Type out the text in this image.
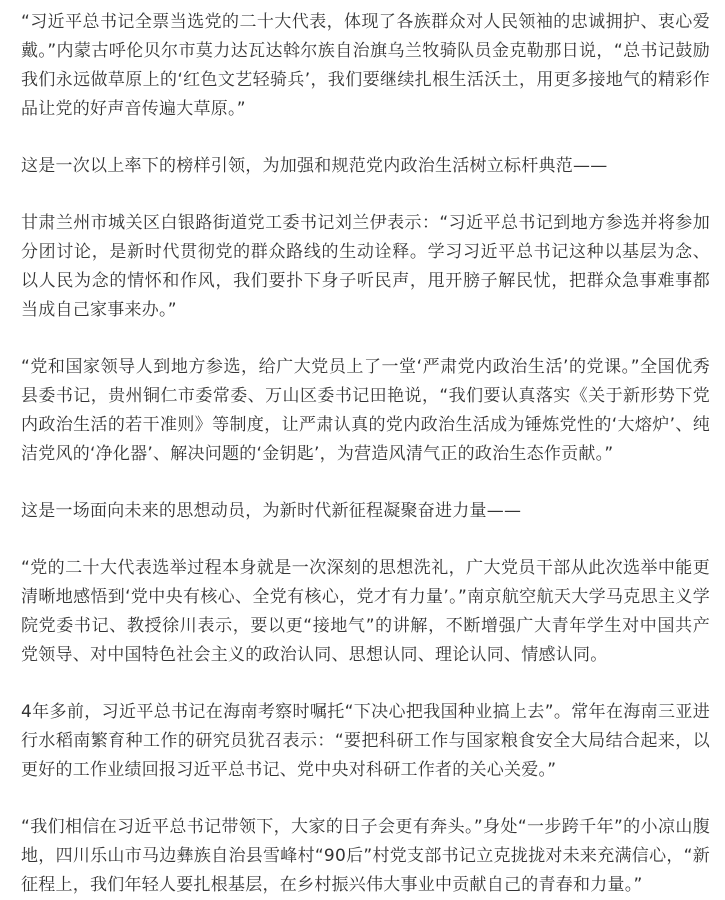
“习近平总书记全票当选党的二十大代表，体现了各族群众对人民领袖的忠诚拥护、衷心爱戴。”内蒙古呼伦贝尔市莫力达瓦达斡尔族自治旗乌兰牧骑队员金克勒那日说，“总书记鼓励我们永远做草原上的‘红色文艺轻骑兵’，我们要继续扎根生活沃土，用更多接地气的精彩作品让党的好声音传遍大草原。”

这是一次以上率下的榜样引领，为加强和规范党内政治生活树立标杆典范——

甘肃兰州市城关区白银路街道党工委书记刘兰伊表示：“习近平总书记到地方参选并将参加分团讨论，是新时代贯彻党的群众路线的生动诠释。学习习近平总书记这种以基层为念、以人民为念的情怀和作风，我们要扑下身子听民声，甩开膀子解民忧，把群众急事难事都当成自己家事来办。”

“党和国家领导人到地方参选，给广大党员上了一堂‘严肃党内政治生活’的党课。”全国优秀县委书记，贵州铜仁市委常委、万山区委书记田艳说，“我们要认真落实《关于新形势下党内政治生活的若干准则》等制度，让严肃认真的党内政治生活成为锤炼党性的‘大熔炉’、纯洁党风的‘净化器’、解决问题的‘金钥匙’，为营造风清气正的政治生态作贡献。”

这是一场面向未来的思想动员，为新时代新征程凝聚奋进力量——

“党的二十大代表选举过程本身就是一次深刻的思想洗礼，广大党员干部从此次选举中能更清晰地感悟到‘党中央有核心、全党有核心，党才有力量’。”南京航空航天大学马克思主义学院党委书记、教授徐川表示，要以更“接地气”的讲解，不断增强广大青年学生对中国共产党领导、对中国特色社会主义的政治认同、思想认同、理论认同、情感认同。

4年多前，习近平总书记在海南考察时嘱托“下决心把我国种业搞上去”。常年在海南三亚进行水稻南繁育种工作的研究员犹召表示：“要把科研工作与国家粮食安全大局结合起来，以更好的工作业绩回报习近平总书记、党中央对科研工作者的关心关爱。”

“我们相信在习近平总书记带领下，大家的日子会更有奔头。”身处“一步跨千年”的小凉山腹地，四川乐山市马边彝族自治县雪峰村“90后”村党支部书记立克拢拢对未来充满信心，“新征程上，我们年轻人要扎根基层，在乡村振兴伟大事业中贡献自己的青春和力量。”
